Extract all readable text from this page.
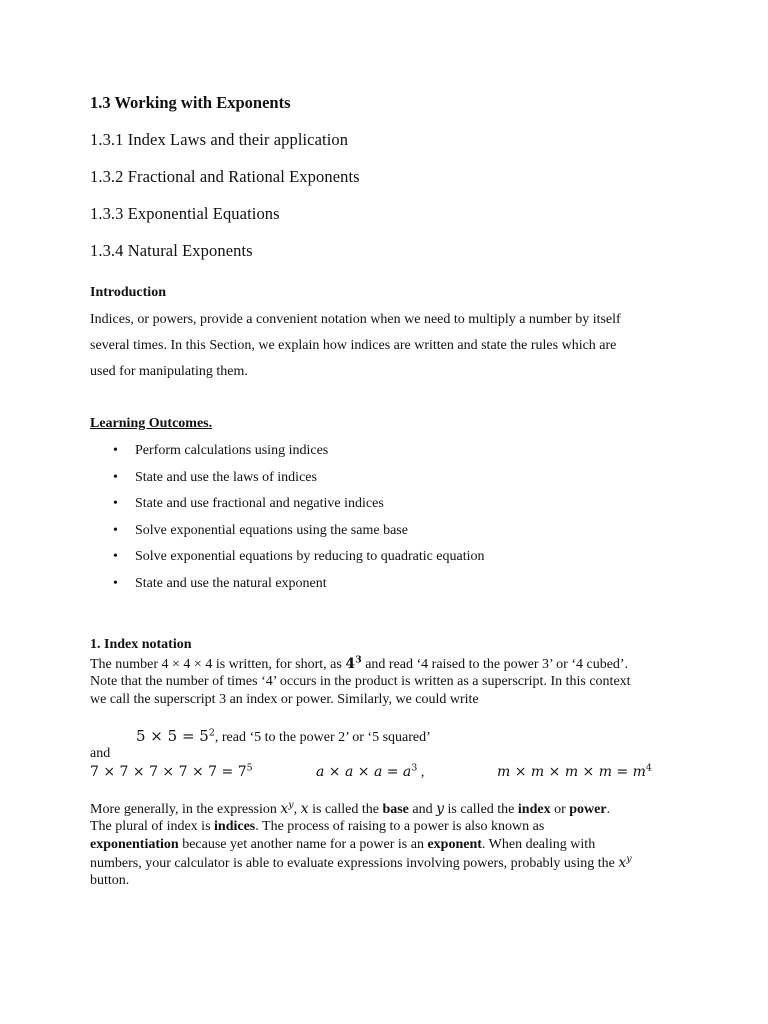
1.3 Working with Exponents
1.3.1 Index Laws and their application
1.3.2 Fractional and Rational Exponents
1.3.3 Exponential Equations
1.3.4 Natural Exponents
Introduction
Indices, or powers, provide a convenient notation when we need to multiply a number by itself
several times. In this Section, we explain how indices are written and state the rules which are
used for manipulating them.
Learning Outcomes.
• Perform calculations using indices
• State and use the laws of indices
• State and use fractional and negative indices
• Solve exponential equations using the same base
• Solve exponential equations by reducing to quadratic equation
• State and use the natural exponent
1. Index notation
The number 4 × 4 × 4 is written, for short, as $4^3$ and read ‘4 raised to the power 3’ or ‘4 cubed’.
Note that the number of times ‘4’ occurs in the product is written as a superscript. In this context
we call the superscript 3 an index or power. Similarly, we could write
$5 \times 5 = 5^2$, read ‘5 to the power 2’ or ‘5 squared’
and
$7 \times 7 \times 7 \times 7 \times 7 = 7^5$	$a \times a \times a = a^3$ ,	$m \times m \times m \times m = m^4$
More generally, in the expression $x^y$, x is called the base and y is called the index or power.
The plural of index is indices. The process of raising to a power is also known as
exponentiation because yet another name for a power is an exponent. When dealing with
numbers, your calculator is able to evaluate expressions involving powers, probably using the $x^y$
button.
